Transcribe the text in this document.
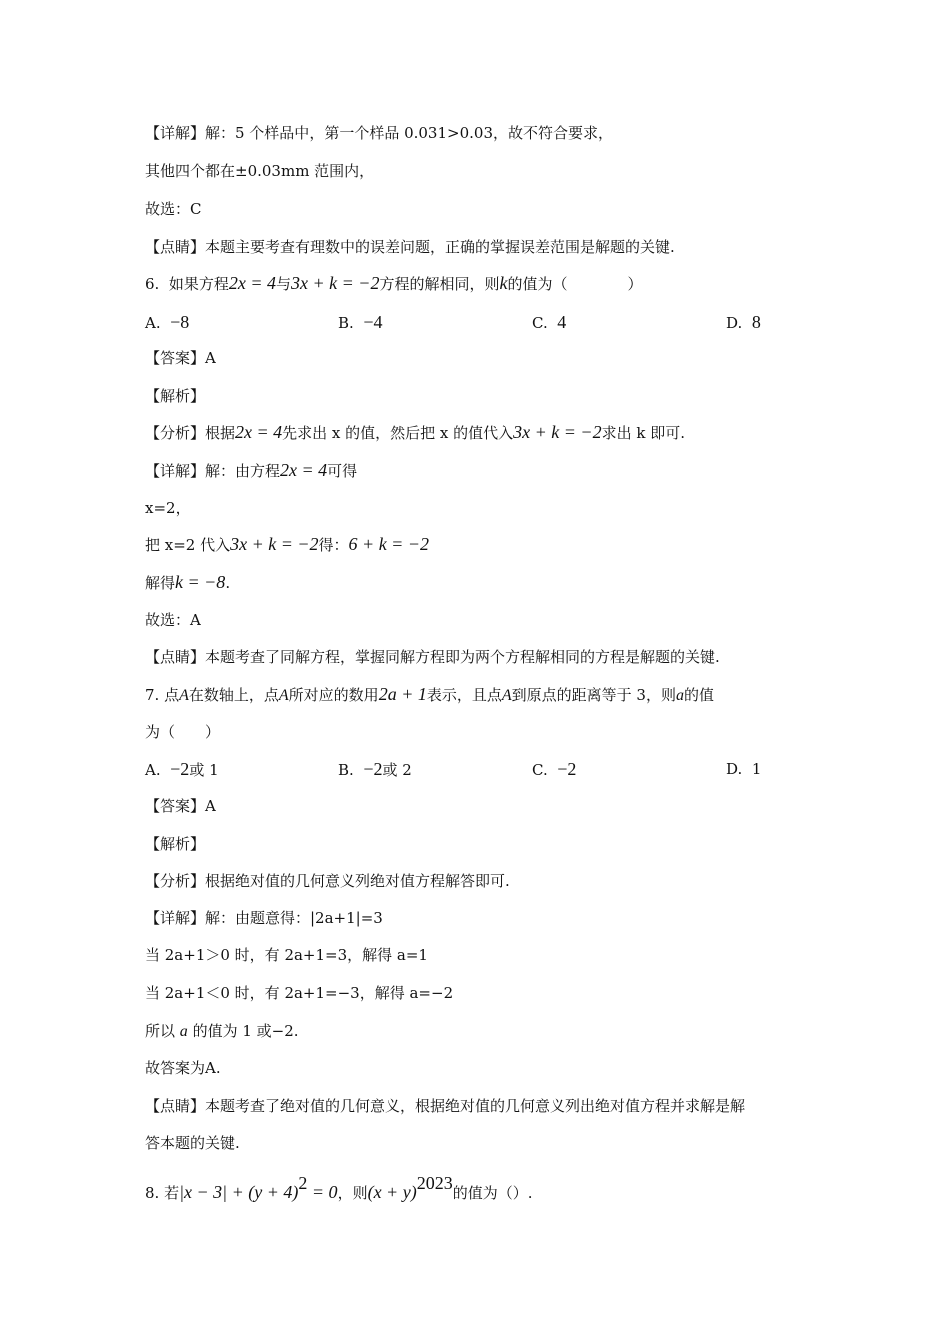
【详解】解：5 个样品中，第一个样品 0.031>0.03，故不符合要求，
其他四个都在±0.03mm 范围内，
故选：C
【点睛】本题主要考查有理数中的误差问题，正确的掌握误差范围是解题的关键.
6. 如果方程2x = 4与3x + k = −2方程的解相同，则k的值为（　　　　）
A. −8	B. −4	C. 4	D. 8
【答案】A
【解析】
【分析】根据2x = 4先求出 x 的值，然后把 x 的值代入3x + k = −2求出 k 即可.
【详解】解：由方程2x = 4可得
x=2，
把 x=2 代入3x + k = −2得：6 + k = −2
解得k = −8.
故选：A
【点睛】本题考查了同解方程，掌握同解方程即为两个方程解相同的方程是解题的关键.
7. 点A在数轴上，点A所对应的数用2a + 1表示，且点A到原点的距离等于 3，则a的值
为（　　）
A. −2或 1	B. −2或 2	C. −2	D. 1
【答案】A
【解析】
【分析】根据绝对值的几何意义列绝对值方程解答即可.
【详解】解：由题意得：|2a+1|=3
当 2a+1＞0 时，有 2a+1=3，解得 a=1
当 2a+1＜0 时，有 2a+1=−3，解得 a=−2
所以 a 的值为 1 或−2.
故答案为A.
【点睛】本题考查了绝对值的几何意义，根据绝对值的几何意义列出绝对值方程并求解是解
答本题的关键.
8. 若$|x - 3| + (y + 4)^2 = 0$，则$(x + y)^{2023}$的值为（）.
